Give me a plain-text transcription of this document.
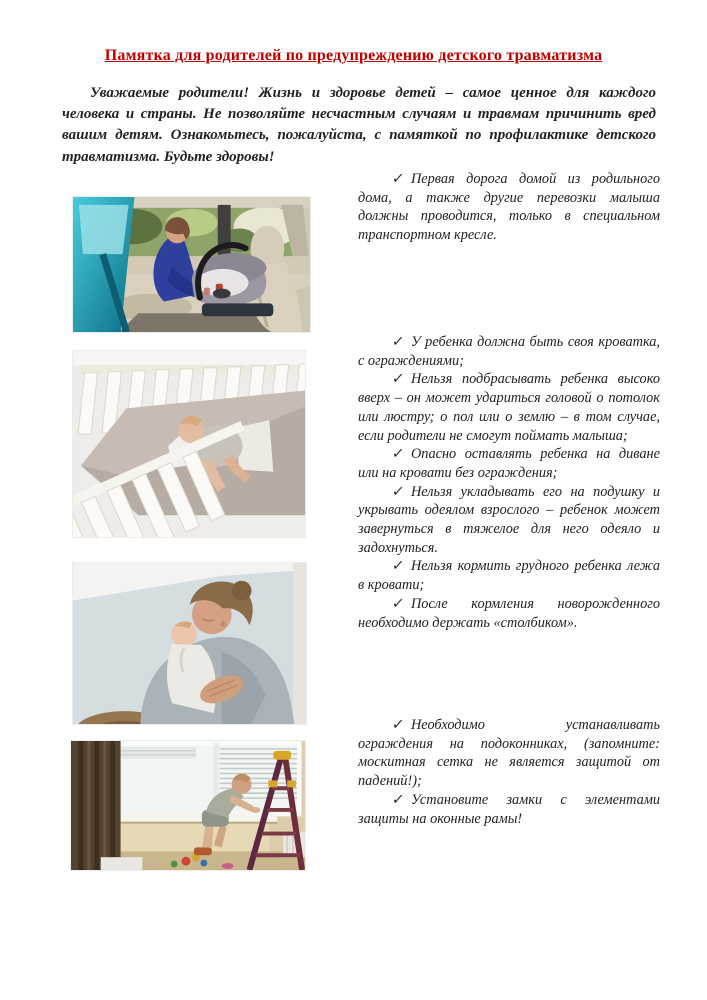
Памятка для родителей по предупреждению детского травматизма

Уважаемые родители! Жизнь и здоровье детей – самое ценное для каждого человека и страны. Не позволяйте несчастным случаям и травмам причинить вред вашим детям. Ознакомьтесь, пожалуйста, с памяткой по профилактике детского травматизма. Будьте здоровы!

✓ Первая дорога домой из родильного дома, а также другие перевозки малыша должны проводится, только в специальном транспортном кресле.

✓ У ребенка должна быть своя кроватка, с ограждениями;

✓ Нельзя подбрасывать ребенка высоко вверх – он может удариться головой о потолок или люстру; о пол или о землю – в том случае, если родители не смогут поймать малыша;

✓ Опасно оставлять ребенка на диване или на кровати без ограждения;

✓ Нельзя укладывать его на подушку и укрывать одеялом взрослого – ребенок может завернуться в тяжелое для него одеяло и задохнуться.

✓ Нельзя кормить грудного ребенка лежа в кровати;

✓ После кормления новорожденного необходимо держать «столбиком».

✓ Необходимо устанавливать ограждения на подоконниках, (запомните: москитная сетка не является защитой от падений!);

✓ Установите замки с элементами защиты на оконные рамы!
